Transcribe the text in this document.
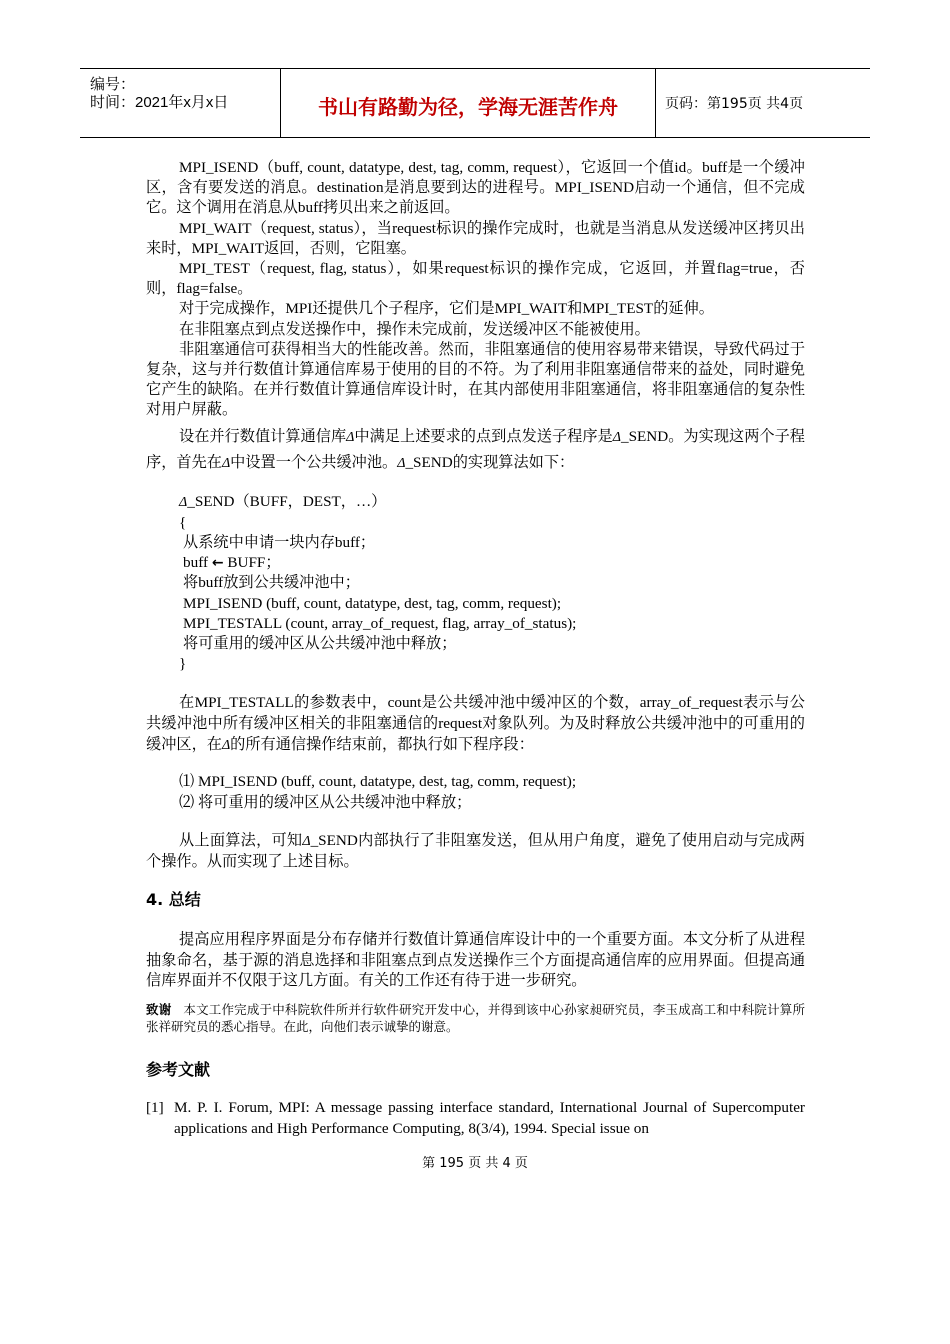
编号：
时间：2021年x月x日	书山有路勤为径，学海无涯苦作舟	页码：第195页 共4页

MPI_ISEND（buff, count, datatype, dest, tag, comm, request），它返回一个值id。buff是一个缓冲区，含有要发送的消息。destination是消息要到达的进程号。MPI_ISEND启动一个通信，但不完成它。这个调用在消息从buff拷贝出来之前返回。

MPI_WAIT（request, status），当request标识的操作完成时，也就是当消息从发送缓冲区拷贝出来时，MPI_WAIT返回，否则，它阻塞。

MPI_TEST（request, flag, status），如果request标识的操作完成，它返回，并置flag=true，否则，flag=false。

对于完成操作，MPI还提供几个子程序，它们是MPI_WAIT和MPI_TEST的延伸。

在非阻塞点到点发送操作中，操作未完成前，发送缓冲区不能被使用。

非阻塞通信可获得相当大的性能改善。然而，非阻塞通信的使用容易带来错误，导致代码过于复杂，这与并行数值计算通信库易于使用的目的不符。为了利用非阻塞通信带来的益处，同时避免它产生的缺陷。在并行数值计算通信库设计时，在其内部使用非阻塞通信，将非阻塞通信的复杂性对用户屏蔽。

设在并行数值计算通信库Δ中满足上述要求的点到点发送子程序是Δ_SEND。为实现这两个子程序，首先在Δ中设置一个公共缓冲池。Δ_SEND的实现算法如下：

Δ_SEND（BUFF，DEST，…）
{
从系统中申请一块内存buff；
buff ← BUFF；
将buff放到公共缓冲池中；
MPI_ISEND (buff, count, datatype, dest, tag, comm, request);
MPI_TESTALL (count, array_of_request, flag, array_of_status);
将可重用的缓冲区从公共缓冲池中释放；
}

在MPI_TESTALL的参数表中，count是公共缓冲池中缓冲区的个数，array_of_request表示与公共缓冲池中所有缓冲区相关的非阻塞通信的request对象队列。为及时释放公共缓冲池中的可重用的缓冲区，在Δ的所有通信操作结束前，都执行如下程序段：

⑴ MPI_ISEND (buff, count, datatype, dest, tag, comm, request);
⑵ 将可重用的缓冲区从公共缓冲池中释放；

从上面算法，可知Δ_SEND内部执行了非阻塞发送，但从用户角度，避免了使用启动与完成两个操作。从而实现了上述目标。

4. 总结

提高应用程序界面是分布存储并行数值计算通信库设计中的一个重要方面。本文分析了从进程抽象命名，基于源的消息选择和非阻塞点到点发送操作三个方面提高通信库的应用界面。但提高通信库界面并不仅限于这几方面。有关的工作还有待于进一步研究。

致谢 本文工作完成于中科院软件所并行软件研究开发中心，并得到该中心孙家昶研究员，李玉成高工和中科院计算所张祥研究员的悉心指导。在此，向他们表示诚挚的谢意。

参考文献
[1] M. P. I. Forum, MPI: A message passing interface standard, International Journal of Supercomputer applications and High Performance Computing, 8(3/4), 1994. Special issue on
第 195 页 共 4 页
